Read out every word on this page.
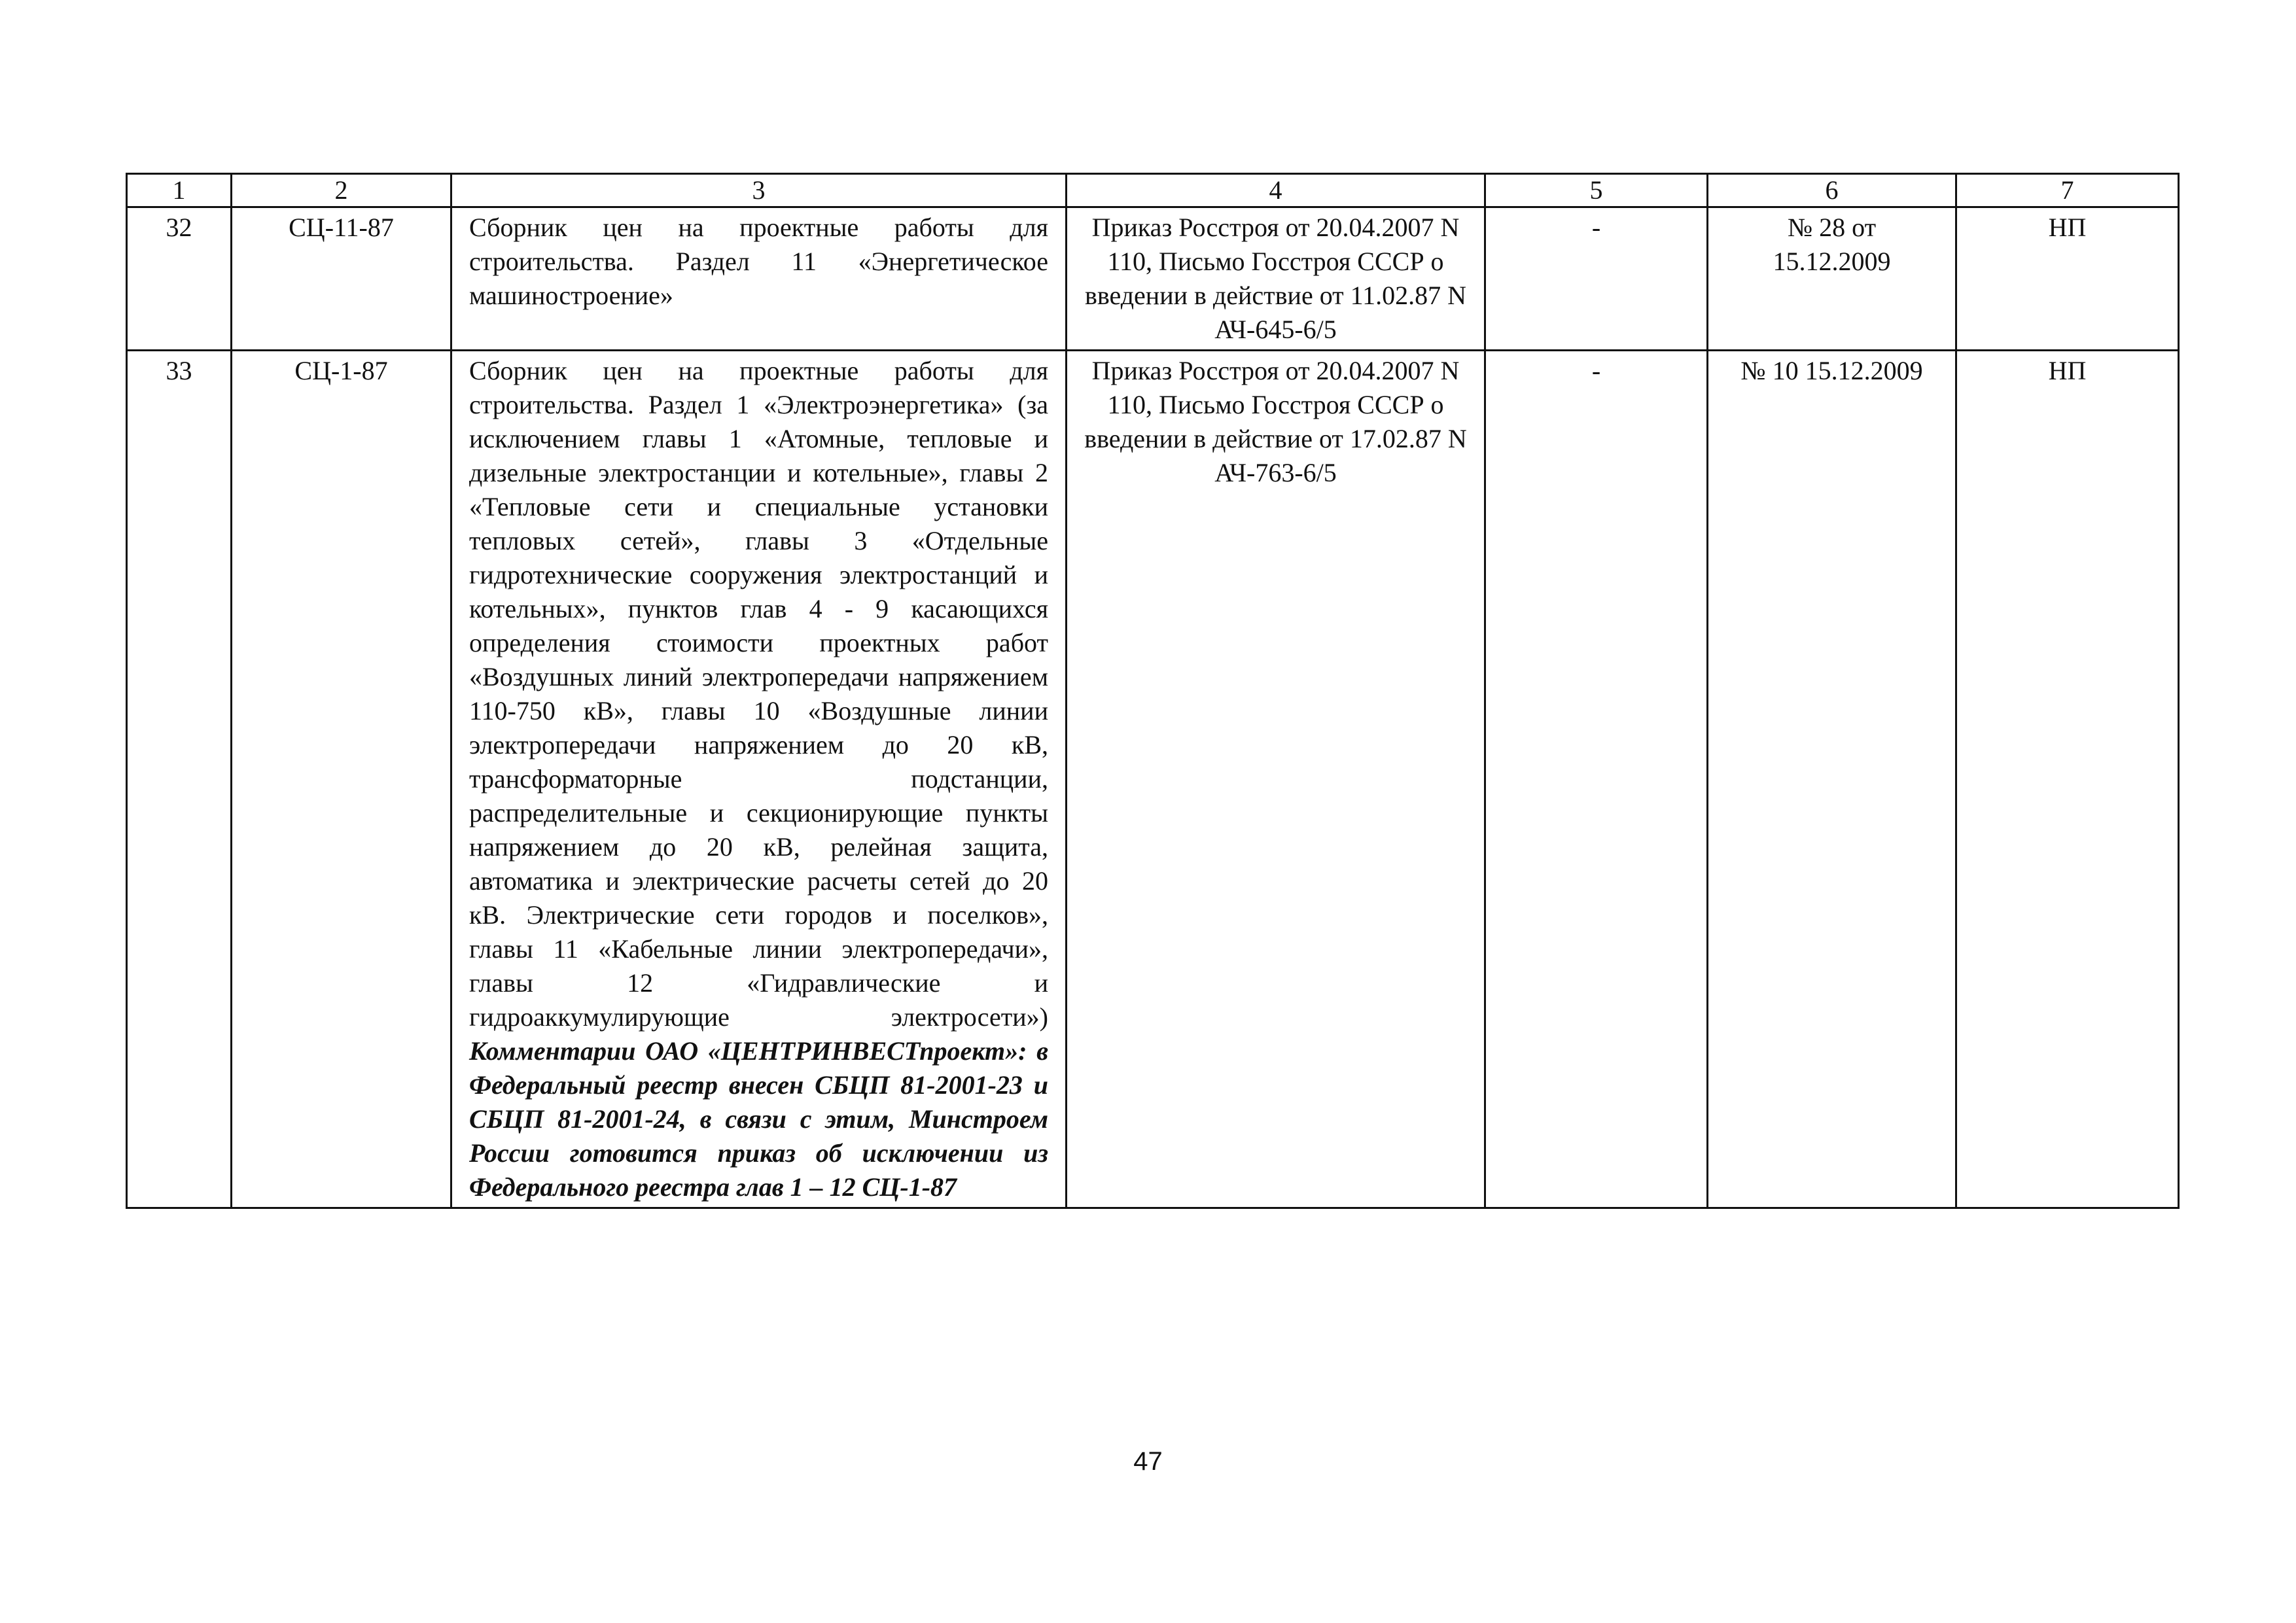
1	2	3	4	5	6	7
32	СЦ-11-87	Сборник цен на проектные работы для строительства. Раздел 11 «Энергетическое машиностроение»	Приказ Росстроя от 20.04.2007 N 110, Письмо Госстроя СССР о введении в действие от 11.02.87 N АЧ-645-6/5	-	№ 28 от 15.12.2009	НП
33	СЦ-1-87	Сборник цен на проектные работы для строительства. Раздел 1 «Электроэнергетика» (за исключением главы 1 «Атомные, тепловые и дизельные электростанции и котельные», главы 2 «Тепловые сети и специальные установки тепловых сетей», главы 3 «Отдельные гидротехнические сооружения электростанций и котельных», пунктов глав 4 - 9 касающихся определения стоимости проектных работ «Воздушных линий электропередачи напряжением 110-750 кВ», главы 10 «Воздушные линии электропередачи напряжением до 20 кВ, трансформаторные подстанции, распределительные и секционирующие пункты напряжением до 20 кВ, релейная защита, автоматика и электрические расчеты сетей до 20 кВ. Электрические сети городов и поселков», главы 11 «Кабельные линии электропередачи», главы 12 «Гидравлические и гидроаккумулирующие электросети») Комментарии ОАО «ЦЕНТРИНВЕСТпроект»: в Федеральный реестр внесен СБЦП 81-2001-23 и СБЦП 81-2001-24, в связи с этим, Минстроем России готовится приказ об исключении из Федерального реестра глав 1 – 12 СЦ-1-87	Приказ Росстроя от 20.04.2007 N 110, Письмо Госстроя СССР о введении в действие от 17.02.87 N АЧ-763-6/5	-	№ 10 15.12.2009	НП
47
